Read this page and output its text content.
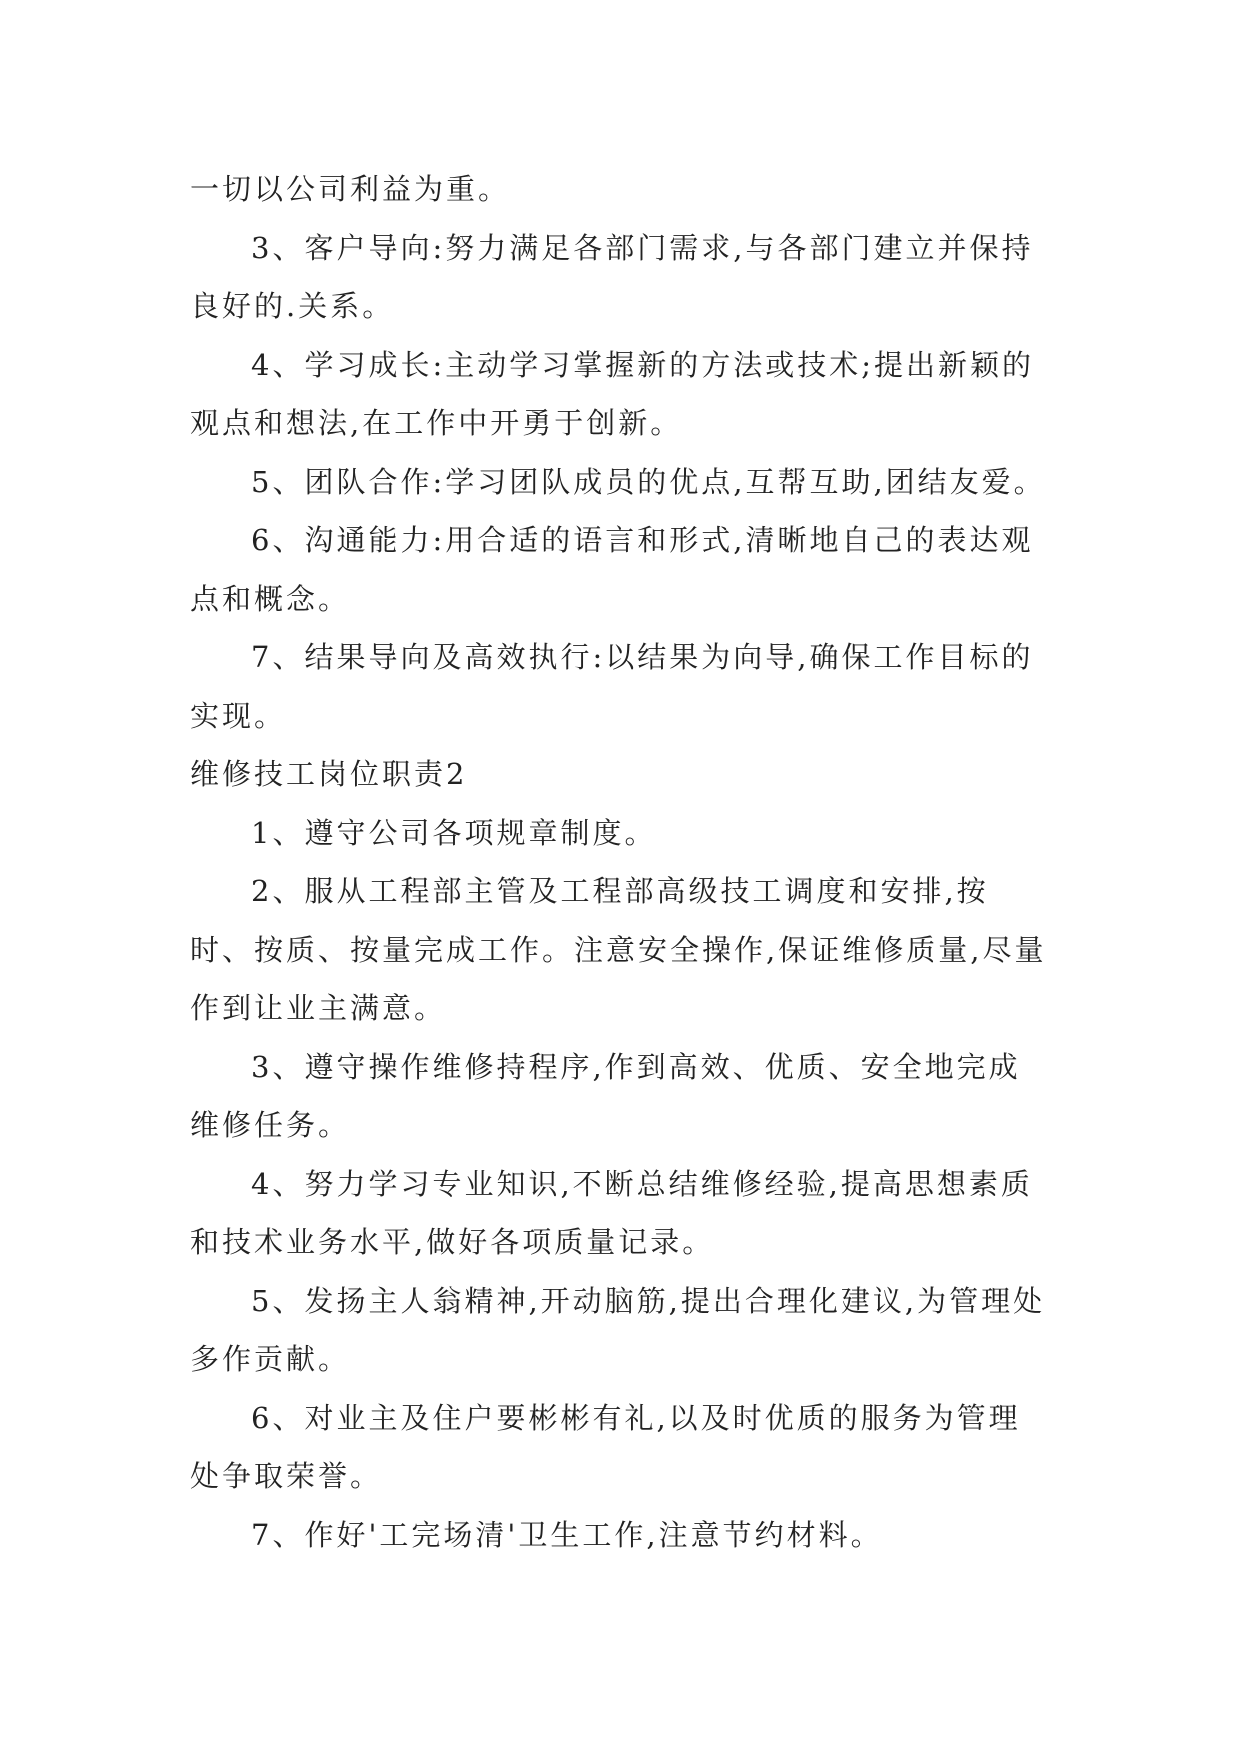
一切以公司利益为重。

3、客户导向:努力满足各部门需求,与各部门建立并保持良好的.关系。

4、学习成长:主动学习掌握新的方法或技术;提出新颖的观点和想法,在工作中开勇于创新。

5、团队合作:学习团队成员的优点,互帮互助,团结友爱。

6、沟通能力:用合适的语言和形式,清晰地自己的表达观点和概念。

7、结果导向及高效执行:以结果为向导,确保工作目标的实现。

维修技工岗位职责2

1、遵守公司各项规章制度。

2、服从工程部主管及工程部高级技工调度和安排,按时、按质、按量完成工作。注意安全操作,保证维修质量,尽量作到让业主满意。

3、遵守操作维修持程序,作到高效、优质、安全地完成维修任务。

4、努力学习专业知识,不断总结维修经验,提高思想素质和技术业务水平,做好各项质量记录。

5、发扬主人翁精神,开动脑筋,提出合理化建议,为管理处多作贡献。

6、对业主及住户要彬彬有礼,以及时优质的服务为管理处争取荣誉。

7、作好'工完场清'卫生工作,注意节约材料。
